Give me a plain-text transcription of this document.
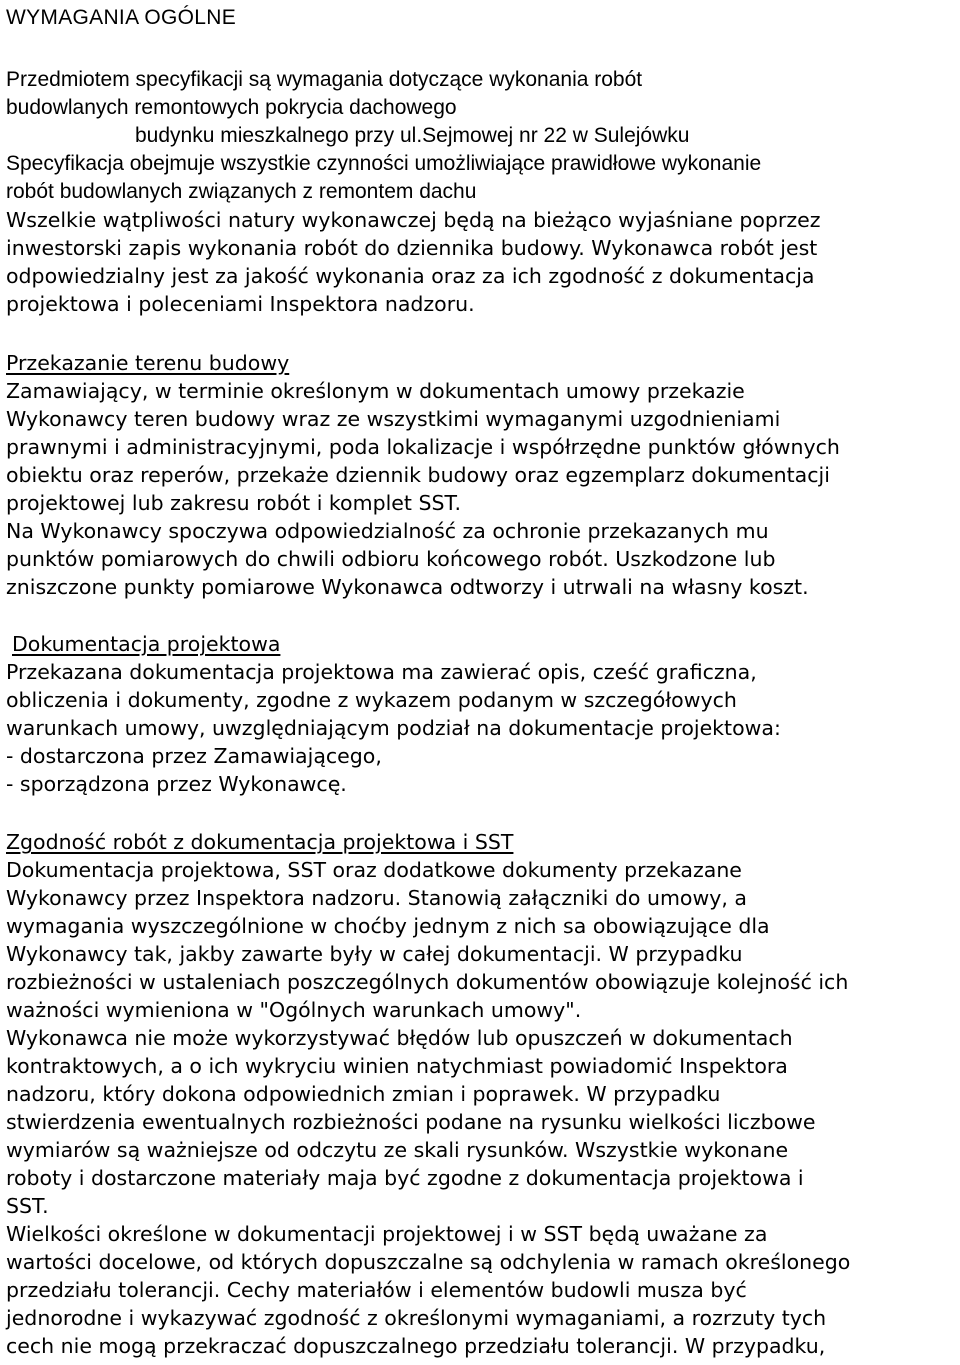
WYMAGANIA OGÓLNE
Przedmiotem specyfikacji są wymagania dotyczące wykonania robót
budowlanych remontowych pokrycia dachowego
budynku mieszkalnego przy ul.Sejmowej nr 22 w Sulejówku
Specyfikacja obejmuje wszystkie czynności umożliwiające prawidłowe wykonanie
robót budowlanych związanych z remontem dachu
Wszelkie wątpliwości natury wykonawczej będą na bieżąco wyjaśniane poprzez
inwestorski zapis wykonania robót do dziennika budowy. Wykonawca robót jest
odpowiedzialny jest za jakość wykonania oraz za ich zgodność z dokumentacja
projektowa i poleceniami Inspektora nadzoru.
Przekazanie terenu budowy
Zamawiający, w terminie określonym w dokumentach umowy przekazie
Wykonawcy teren budowy wraz ze wszystkimi wymaganymi uzgodnieniami
prawnymi i administracyjnymi, poda lokalizacje i współrzędne punktów głównych
obiektu oraz reperów, przekaże dziennik budowy oraz egzemplarz dokumentacji
projektowej lub zakresu robót i komplet SST.
Na Wykonawcy spoczywa odpowiedzialność za ochronie przekazanych mu
punktów pomiarowych do chwili odbioru końcowego robót. Uszkodzone lub
zniszczone punkty pomiarowe Wykonawca odtworzy i utrwali na własny koszt.
Dokumentacja projektowa
Przekazana dokumentacja projektowa ma zawierać opis, cześć graficzna,
obliczenia i dokumenty, zgodne z wykazem podanym w szczegółowych
warunkach umowy, uwzględniającym podział na dokumentacje projektowa:
- dostarczona przez Zamawiającego,
- sporządzona przez Wykonawcę.
Zgodność robót z dokumentacja projektowa i SST
Dokumentacja projektowa, SST oraz dodatkowe dokumenty przekazane
Wykonawcy przez Inspektora nadzoru. Stanowią załączniki do umowy, a
wymagania wyszczególnione w choćby jednym z nich sa obowiązujące dla
Wykonawcy tak, jakby zawarte były w całej dokumentacji. W przypadku
rozbieżności w ustaleniach poszczególnych dokumentów obowiązuje kolejność ich
ważności wymieniona w "Ogólnych warunkach umowy".
Wykonawca nie może wykorzystywać błędów lub opuszczeń w dokumentach
kontraktowych, a o ich wykryciu winien natychmiast powiadomić Inspektora
nadzoru, który dokona odpowiednich zmian i poprawek. W przypadku
stwierdzenia ewentualnych rozbieżności podane na rysunku wielkości liczbowe
wymiarów są ważniejsze od odczytu ze skali rysunków. Wszystkie wykonane
roboty i dostarczone materiały maja być zgodne z dokumentacja projektowa i
SST.
Wielkości określone w dokumentacji projektowej i w SST będą uważane za
wartości docelowe, od których dopuszczalne są odchylenia w ramach określonego
przedziału tolerancji. Cechy materiałów i elementów budowli musza być
jednorodne i wykazywać zgodność z określonymi wymaganiami, a rozrzuty tych
cech nie mogą przekraczać dopuszczalnego przedziału tolerancji. W przypadku,
